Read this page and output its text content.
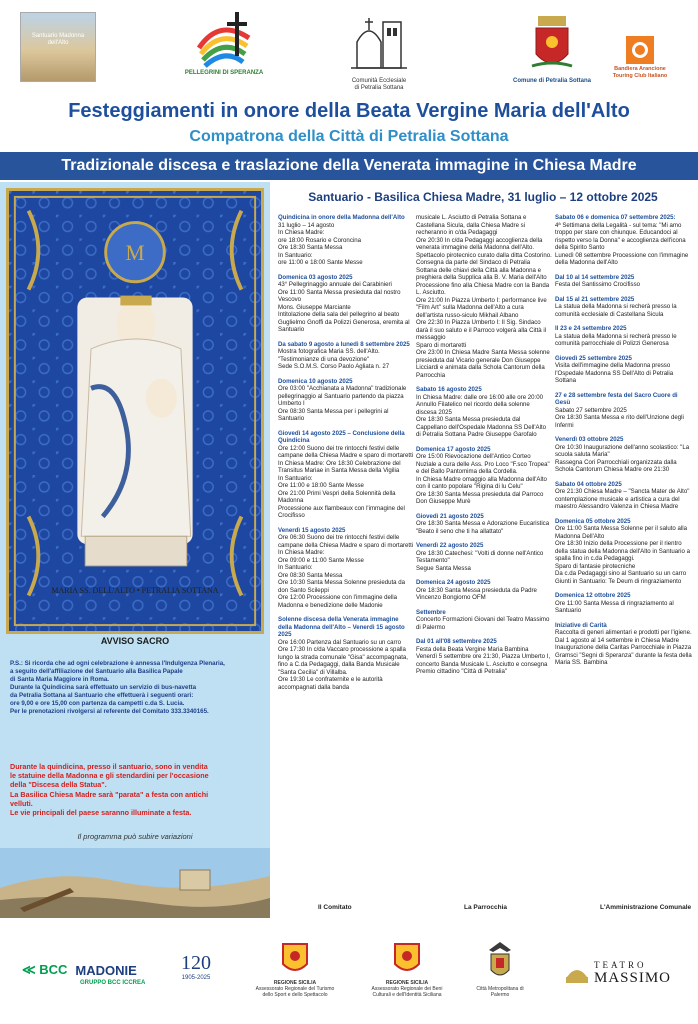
Santuario Madonna dell'Alto
PELLEGRINI DI SPERANZA
Comunità Ecclesiale
di Petralia Sottana
Comune di Petralia Sottana
Bandiera Arancione
Touring Club Italiano
Festeggiamenti in onore della Beata Vergine Maria dell'Alto
Compatrona della Città di Petralia Sottana
Tradizionale discesa e traslazione della Venerata immagine in Chiesa Madre
M
MARIA SS. DELL'ALTO • PETRALIA SOTTANA
AVVISO SACRO
P.S.: Si ricorda che ad ogni celebrazione è annessa l'Indulgenza Plenaria,
a seguito dell'affiliazione del Santuario alla Basilica Papale
di Santa Maria Maggiore in Roma.
Durante la Quindicina sarà effettuato un servizio di bus-navetta
da Petralia Sottana al Santuario che effettuerà i seguenti orari:
ore 9,00 e ore 15,00 con partenza da campetti c.da S. Lucia.
Per le prenotazioni rivolgersi al referente del Comitato 333.3340165.
Durante la quindicina, presso il santuario, sono in vendita
le statuine della Madonna e gli stendardini per l'occasione
della "Discesa della Statua".
La Basilica Chiesa Madre sarà "parata" a festa con antichi
velluti.
Le vie principali del paese saranno illuminate a festa.
Il programma può subire variazioni
Santuario - Basilica Chiesa Madre, 31 luglio – 12 ottobre 2025
Quindicina in onore della Madonna dell'Alto
31 luglio – 14 agosto
In Chiesa Madre:
ore 18:00 Rosario e Coroncina
Ore 18:30 Santa Messa
In Santuario:
ore 11:00 e 18:00 Sante Messe
Domenica 03 agosto 2025
43° Pellegrinaggio annuale dei Carabinieri
Ore 11:00 Santa Messa presieduta dal nostro Vescovo
Mons. Giuseppe Marciante
Intitolazione della sala del pellegrino al beato Guglielmo Gnoffi da Polizzi Generosa, eremita al Santuario
Da sabato 9 agosto a lunedì 8 settembre 2025
Mostra fotografica Maria SS. dell'Alto.
"Testimonianze di una devozione"
Sede S.O.M.S. Corso Paolo Agliata n. 27
Domenica 10 agosto 2025
Ore 03:00 "Acchianata a Madonna" tradizionale pellegrinaggio al Santuario partendo da piazza Umberto I
Ore 08:30 Santa Messa per i pellegrini al Santuario
Giovedì 14 agosto 2025 – Conclusione della Quindicina
Ore 12:00 Suono dei tre rintocchi festivi delle campane della Chiesa Madre e sparo di mortaretti
In Chiesa Madre: Ore 18:30 Celebrazione del Transitus Mariae in Santa Messa della Vigilia
In Santuario:
Ore 11:00 e 18:00 Sante Messe
Ore 21:00 Primi Vespri della Solennità della Madonna
Processione aux flambeaux con l'immagine del Crocifisso
Venerdì 15 agosto 2025
Ore 06:30 Suono dei tre rintocchi festivi delle campane della Chiesa Madre e sparo di mortaretti
In Chiesa Madre:
Ore 09:00 e 11:00 Sante Messe
In Santuario:
Ore 08:30 Santa Messa
Ore 10:30 Santa Messa Solenne presieduta da don Santo Scileppi
Ore 12:00 Processione con l'immagine della Madonna e benedizione delle Madonie
Solenne discesa della Venerata immagine della Madonna dell'Alto – Venerdì 15 agosto 2025
Ore 16:00 Partenza dal Santuario su un carro
Ore 17:30 In c/da Vaccaro processione a spalla lungo la strada comunale "Gisa" accompagnata, fino a C.da Pedagaggi, dalla Banda Musicale "Santa Cecilia" di Villalba.
Ore 19:30 Le confraternite e le autorità accompagnati dalla banda
musicale L. Asciutto di Petralia Sottana e Castellana Sicula, dalla Chiesa Madre si recheranno in c/da Pedagaggi
Ore 20:30 In c/da Pedagaggi accoglienza della venerata immagine della Madonna dell'Alto. Spettacolo pirotecnico curato dalla ditta Costorino.
Consegna da parte del Sindaco di Petralia Sottana delle chiavi della Città alla Madonna e preghiera della Supplica alla B. V. Maria dell'Alto
Processione fino alla Chiesa Madre con la Banda L. Asciutto.
Ore 21:00 In Piazza Umberto I: performance live "Film Art" sulla Madonna dell'Alto a cura dell'artista russo-siculo Mikhail Albano
Ore 22:30 In Piazza Umberto I: Il Sig. Sindaco darà il suo saluto e il Parroco volgerà alla Città il messaggio
Sparo di mortaretti
Ore 23:00 In Chiesa Madre Santa Messa solenne presieduta dal Vicario generale Don Giuseppe Licciardi e animata dalla Schola Cantorum della Parrocchia
Sabato 16 agosto 2025
In Chiesa Madre: dalle ore 16:00 alle ore 20:00 Annullo Filatelico nel ricordo della solenne discesa 2025
Ore 18:30 Santa Messa presieduta dal Cappellano dell'Ospedale Madonna SS Dell'Alto di Petralia Sottana Padre Giuseppe Garofalo
Domenica 17 agosto 2025
Ore 15:00 Rievocazione dell'Antico Corteo Nuziale a cura delle Ass. Pro Loco "F.sco Tropea" e del Ballo Pantomima della Cordella.
In Chiesa Madre omaggio alla Madonna dell'Alto con il canto popolare "Rigina di lu Celu"
Ore 18:30 Santa Messa presieduta dal Parroco Don Giuseppe Murè
Giovedì 21 agosto 2025
Ore 18:30 Santa Messa e Adorazione Eucaristica "Beato il seno che ti ha allattato"
Venerdì 22 agosto 2025
Ore 18:30 Catechesi: "Volti di donne nell'Antico Testamento"
Segue Santa Messa
Domenica 24 agosto 2025
Ore 18:30 Santa Messa presieduta da Padre Vincenzo Bongiorno OFM
Settembre
Concerto Formazioni Giovani del Teatro Massimo di Palermo
Dal 01 all'08 settembre 2025
Festa della Beata Vergine Maria Bambina
Venerdì 5 settembre ore 21:30, Piazza Umberto I, concerto Banda Musicale L. Asciutto e consegna Premio cittadino "Città di Petralia"
Sabato 06 e domenica 07 settembre 2025:
4ª Settimana della Legalità - sul tema: "Mi amo troppo per stare con chiunque. Educandoci al rispetto verso la Donna" e accoglienza dell'icona della Spirito Santo
Lunedì 08 settembre Processione con l'immagine della Madonna dell'Alto
Dal 10 al 14 settembre 2025
Festa del Santissimo Crocifisso
Dal 15 al 21 settembre 2025
La statua della Madonna si recherà presso la comunità ecclesiale di Castellana Sicula
Il 23 e 24 settembre 2025
La statua della Madonna si recherà presso le comunità parrocchiale di Polizzi Generosa
Giovedì 25 settembre 2025
Visita dell'immagine della Madonna presso l'Ospedale Madonna SS Dell'Alto di Petralia Sottana
27 e 28 settembre festa del Sacro Cuore di Gesù
Sabato 27 settembre 2025
Ore 18:30 Santa Messa e rito dell'Unzione degli Infermi
Venerdì 03 ottobre 2025
Ore 10:30 Inaugurazione dell'anno scolastico: "La scuola saluta Maria"
Rassegna Cori Parrocchiali organizzata dalla Schola Cantorum Chiesa Madre ore 21:30
Sabato 04 ottobre 2025
Ore 21:30 Chiesa Madre – "Sancta Mater de Alto" contemplazione musicale e artistica a cura del maestro Alessandro Valenza in Chiesa Madre
Domenica 05 ottobre 2025
Ore 11:00 Santa Messa Solenne per il saluto alla Madonna Dell'Alto
Ore 18:30 Inizio della Processione per il rientro della statua della Madonna dell'Alto in Santuario a spalla fino in c.da Pedagaggi.
Sparo di fantasie pirotecniche
Da c.da Pedagaggi sino al Santuario su un carro
Giunti in Santuario: Te Deum di ringraziamento
Domenica 12 ottobre 2025
Ore 11:00 Santa Messa di ringraziamento al Santuario
Iniziative di Carità
Raccolta di generi alimentari e prodotti per l'igiene. Dal 1 agosto al 14 settembre in Chiesa Madre
Inaugurazione della Caritas Parrocchiale in Piazza Gramsci "Segni di Speranza" durante la festa della Maria SS. Bambina
Il Comitato	La Parrocchia	L'Amministrazione Comunale
≪ BCC MADONIE
GRUPPO BCC ICCREA
120
1905-2025
REGIONE SICILIA
Assessorato Regionale del Turismo dello Sport e dello Spettacolo
REGIONE SICILIA
Assessorato Regionale dei Beni Culturali e dell'Identità Siciliana
Città Metropolitana di Palermo
TEATRO
MASSIMO
